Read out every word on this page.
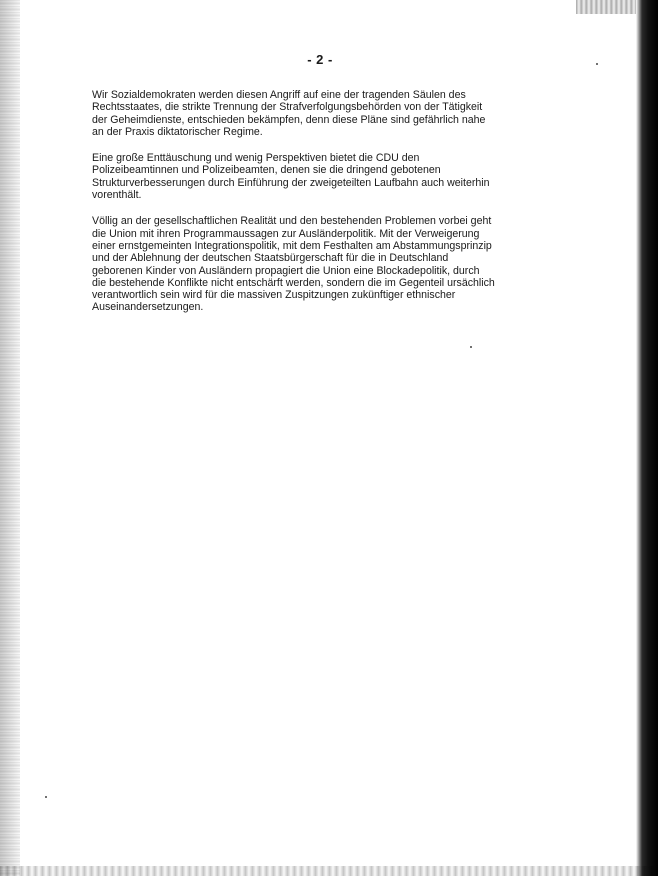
- 2 -

Wir Sozialdemokraten werden diesen Angriff auf eine der tragenden Säulen des
Rechtsstaates, die strikte Trennung der Strafverfolgungsbehörden von der Tätigkeit
der Geheimdienste, entschieden bekämpfen, denn diese Pläne sind gefährlich nahe
an der Praxis diktatorischer Regime.

Eine große Enttäuschung und wenig Perspektiven bietet die CDU den
Polizeibeamtinnen und Polizeibeamten, denen sie die dringend gebotenen
Strukturverbesserungen durch Einführung der zweigeteilten Laufbahn auch weiterhin
vorenthält.

Völlig an der gesellschaftlichen Realität und den bestehenden Problemen vorbei geht
die Union mit ihren Programmaussagen zur Ausländerpolitik. Mit der Verweigerung
einer ernstgemeinten Integrationspolitik, mit dem Festhalten am Abstammungsprinzip
und der Ablehnung der deutschen Staatsbürgerschaft für die in Deutschland
geborenen Kinder von Ausländern propagiert die Union eine Blockadepolitik, durch
die bestehende Konflikte nicht entschärft werden, sondern die im Gegenteil ursächlich
verantwortlich sein wird für die massiven Zuspitzungen zukünftiger ethnischer
Auseinandersetzungen.
